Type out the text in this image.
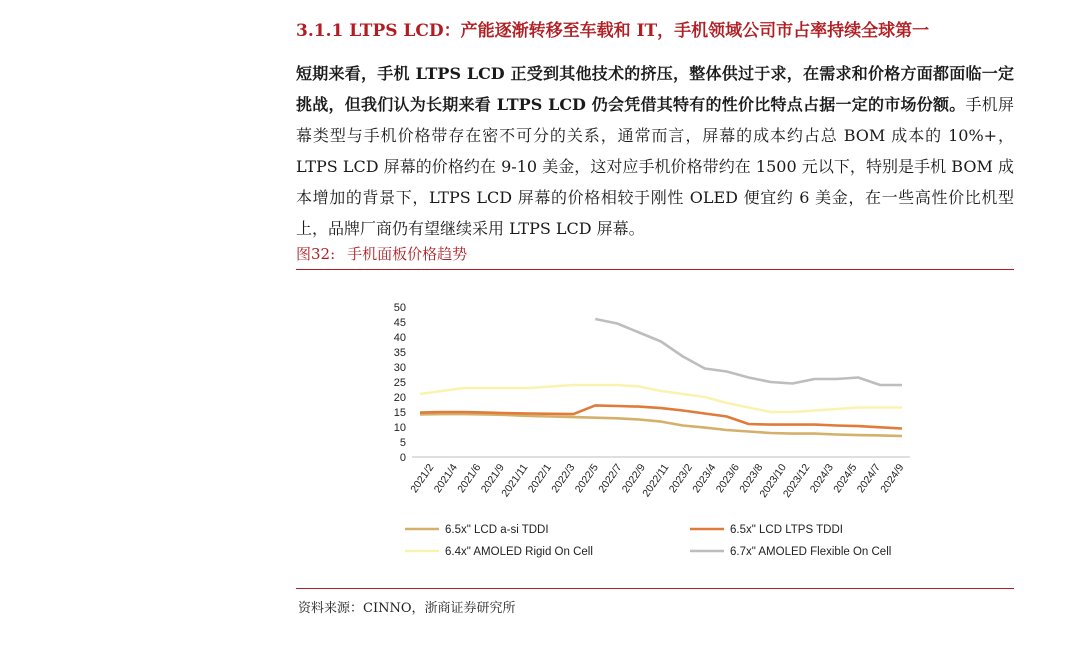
3.1.1 LTPS LCD：产能逐渐转移至车载和 IT，手机领域公司市占率持续全球第一

短期来看，手机 LTPS LCD 正受到其他技术的挤压，整体供过于求，在需求和价格方面都面临一定挑战，但我们认为长期来看 LTPS LCD 仍会凭借其特有的性价比特点占据一定的市场份额。手机屏幕类型与手机价格带存在密不可分的关系，通常而言，屏幕的成本约占总 BOM 成本的 10%+， LTPS LCD 屏幕的价格约在 9-10 美金，这对应手机价格带约在 1500 元以下，特别是手机 BOM 成本增加的背景下，LTPS LCD 屏幕的价格相较于刚性 OLED 便宜约 6 美金，在一些高性价比机型上，品牌厂商仍有望继续采用 LTPS LCD 屏幕。

图32: 手机面板价格趋势

0
5
10
15
20
25
30
35
40
45
50
2021/2
2021/4
2021/6
2021/9
2021/11
2022/1
2022/3
2022/5
2022/7
2022/9
2022/11
2023/2
2023/4
2023/6
2023/8
2023/10
2023/12
2024/3
2024/5
2024/7
2024/9
6.5x" LCD a-si TDDI	6.5x" LCD LTPS TDDI
6.4x" AMOLED Rigid On Cell	6.7x" AMOLED Flexible On Cell

资料来源：CINNO，浙商证券研究所
